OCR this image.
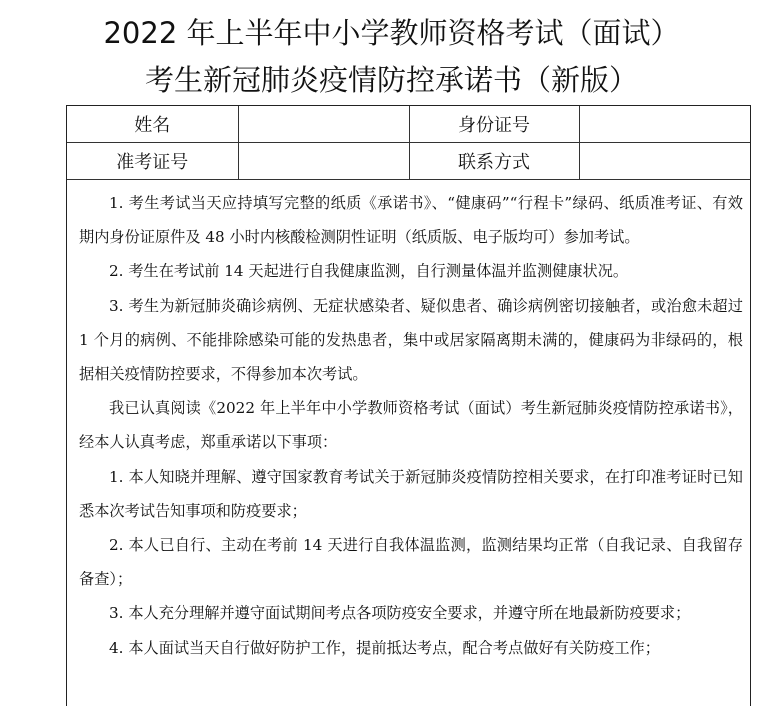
2022 年上半年中小学教师资格考试（面试）
考生新冠肺炎疫情防控承诺书（新版）
姓名		身份证号	
准考证号		联系方式	

1. 考生考试当天应持填写完整的纸质《承诺书》、“健康码”“行程卡”绿码、纸质准考证、有效期内身份证原件及 48 小时内核酸检测阴性证明（纸质版、电子版均可）参加考试。

2. 考生在考试前 14 天起进行自我健康监测，自行测量体温并监测健康状况。

3. 考生为新冠肺炎确诊病例、无症状感染者、疑似患者、确诊病例密切接触者，或治愈未超过 1 个月的病例、不能排除感染可能的发热患者，集中或居家隔离期未满的，健康码为非绿码的，根据相关疫情防控要求，不得参加本次考试。

我已认真阅读《2022 年上半年中小学教师资格考试（面试）考生新冠肺炎疫情防控承诺书》，经本人认真考虑，郑重承诺以下事项：

1. 本人知晓并理解、遵守国家教育考试关于新冠肺炎疫情防控相关要求，在打印准考证时已知悉本次考试告知事项和防疫要求；

2. 本人已自行、主动在考前 14 天进行自我体温监测，监测结果均正常（自我记录、自我留存备查）；

3. 本人充分理解并遵守面试期间考点各项防疫安全要求，并遵守所在地最新防疫要求；

4. 本人面试当天自行做好防护工作，提前抵达考点，配合考点做好有关防疫工作；
